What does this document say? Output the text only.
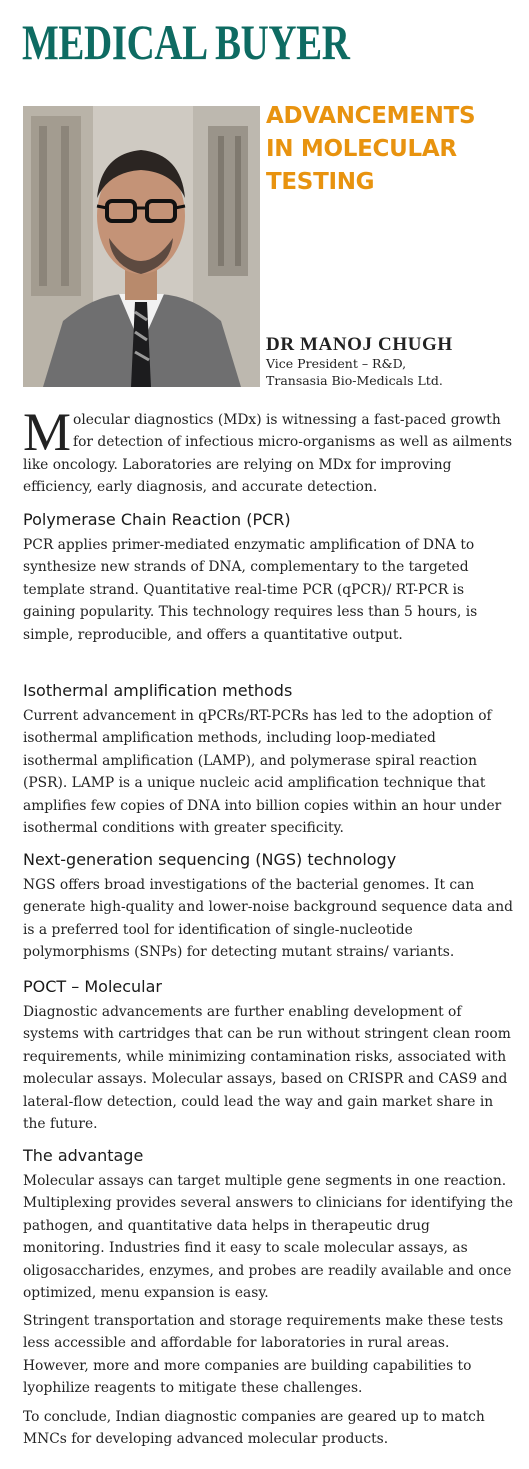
MEDICAL BUYER
ADVANCEMENTS
IN MOLECULAR
TESTING
DR MANOJ CHUGH
Vice President – R&D,
Transasia Bio-Medicals Ltd.

Molecular diagnostics (MDx) is witnessing a fast-paced growth for detection of infectious micro-organisms as well as ailments like oncology. Laboratories are relying on MDx for improving efficiency, early diagnosis, and accurate detection.

Polymerase Chain Reaction (PCR)

PCR applies primer-mediated enzymatic amplification of DNA to synthesize new strands of DNA, complementary to the targeted template strand. Quantitative real-time PCR (qPCR)/ RT-PCR is gaining popularity. This technology requires less than 5 hours, is simple, reproducible, and offers a quantitative output.

Isothermal amplification methods

Current advancement in qPCRs/RT-PCRs has led to the adoption of isothermal amplification methods, including loop-mediated isothermal amplification (LAMP), and polymerase spiral reaction (PSR). LAMP is a unique nucleic acid amplification technique that amplifies few copies of DNA into billion copies within an hour under isothermal conditions with greater specificity.

Next-generation sequencing (NGS) technology

NGS offers broad investigations of the bacterial genomes. It can generate high-quality and lower-noise background sequence data and is a preferred tool for identification of single-nucleotide polymorphisms (SNPs) for detecting mutant strains/ variants.

POCT – Molecular

Diagnostic advancements are further enabling development of systems with cartridges that can be run without stringent clean room requirements, while minimizing contamination risks, associated with molecular assays. Molecular assays, based on CRISPR and CAS9 and lateral-flow detection, could lead the way and gain market share in the future.

The advantage

Molecular assays can target multiple gene segments in one reaction. Multiplexing provides several answers to clinicians for identifying the pathogen, and quantitative data helps in therapeutic drug monitoring. Industries find it easy to scale molecular assays, as oligosaccharides, enzymes, and probes are readily available and once optimized, menu expansion is easy.

Stringent transportation and storage requirements make these tests less accessible and affordable for laboratories in rural areas. However, more and more companies are building capabilities to lyophilize reagents to mitigate these challenges.

To conclude, Indian diagnostic companies are geared up to match MNCs for developing advanced molecular products.
